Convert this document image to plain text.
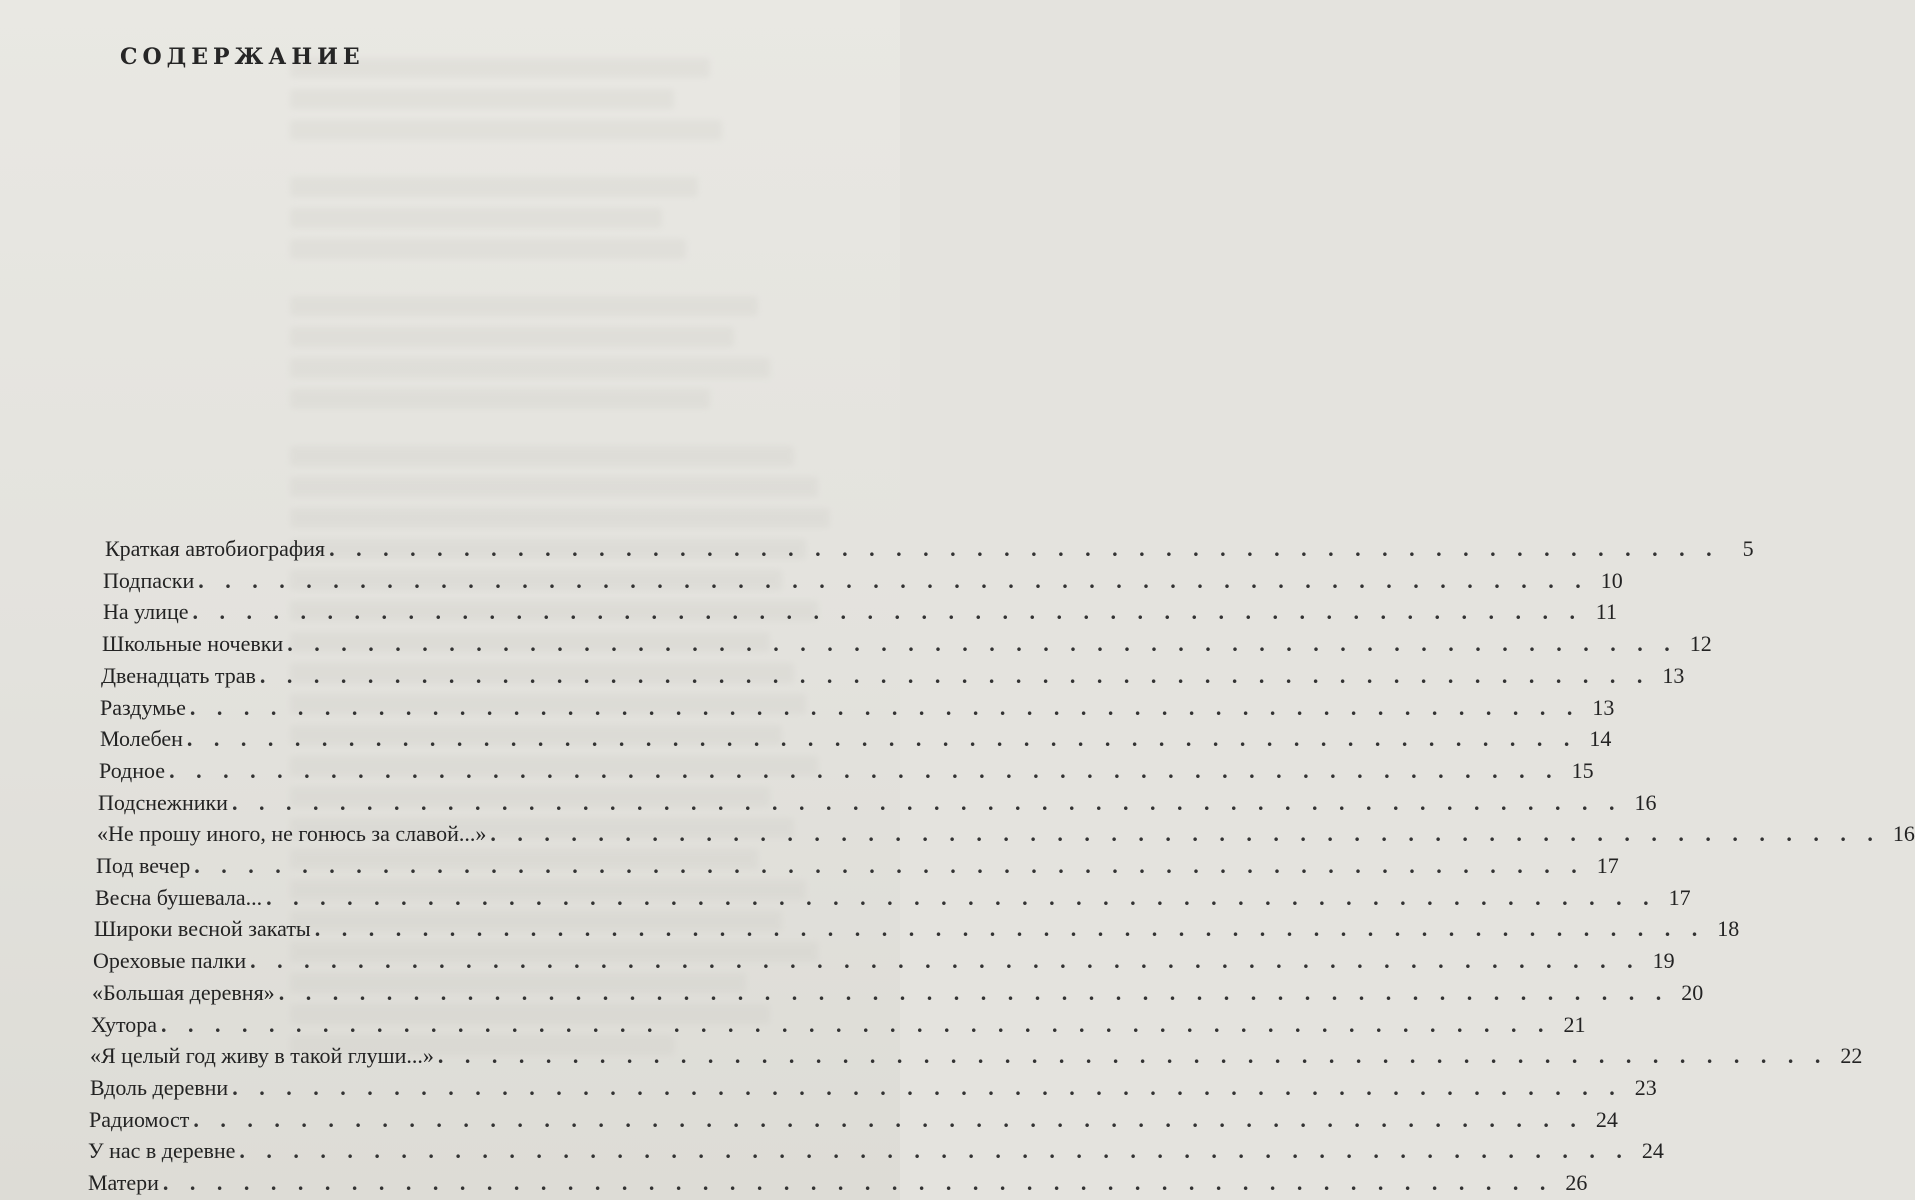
СОДЕРЖАНИЕ
Краткая автобиография . . . . . . . . . . . . . . . . . . . . . . . . . . . . . . . . . . . . . . . . . . . . . . . . . . . .	5
Подпаски . . . . . . . . . . . . . . . . . . . . . . . . . . . . . . . . . . . . . . . . . . . . . . . . . . . . 10
На улице . . . . . . . . . . . . . . . . . . . . . . . . . . . . . . . . . . . . . . . . . . . . . . . . . . . . 11
Школьные ночевки . . . . . . . . . . . . . . . . . . . . . . . . . . . . . . . . . . . . . . . . . . . . . . . . . . . . 12
Двенадцать трав . . . . . . . . . . . . . . . . . . . . . . . . . . . . . . . . . . . . . . . . . . . . . . . . . . . . 13
Раздумье . . . . . . . . . . . . . . . . . . . . . . . . . . . . . . . . . . . . . . . . . . . . . . . . . . . . 13
Молебен . . . . . . . . . . . . . . . . . . . . . . . . . . . . . . . . . . . . . . . . . . . . . . . . . . . . 14
Родное . . . . . . . . . . . . . . . . . . . . . . . . . . . . . . . . . . . . . . . . . . . . . . . . . . . . 15
Подснежники . . . . . . . . . . . . . . . . . . . . . . . . . . . . . . . . . . . . . . . . . . . . . . . . . . . . 16
«Не прошу иного, не гонюсь за славой...» . . . . . . . . . . . . . . . . . . . . . . . . . . . . . . . . . . . . . . . . . . . . . . . . . . . . 16
Под вечер . . . . . . . . . . . . . . . . . . . . . . . . . . . . . . . . . . . . . . . . . . . . . . . . . . . . 17
Весна бушевала... . . . . . . . . . . . . . . . . . . . . . . . . . . . . . . . . . . . . . . . . . . . . . . . . . . . . 17
Широки весной закаты . . . . . . . . . . . . . . . . . . . . . . . . . . . . . . . . . . . . . . . . . . . . . . . . . . . . 18
Ореховые палки . . . . . . . . . . . . . . . . . . . . . . . . . . . . . . . . . . . . . . . . . . . . . . . . . . . . 19
«Большая деревня» . . . . . . . . . . . . . . . . . . . . . . . . . . . . . . . . . . . . . . . . . . . . . . . . . . . . 20
Хутора . . . . . . . . . . . . . . . . . . . . . . . . . . . . . . . . . . . . . . . . . . . . . . . . . . . . 21
«Я целый год живу в такой глуши...» . . . . . . . . . . . . . . . . . . . . . . . . . . . . . . . . . . . . . . . . . . . . . . . . . . . . 22
Вдоль деревни . . . . . . . . . . . . . . . . . . . . . . . . . . . . . . . . . . . . . . . . . . . . . . . . . . . . 23
Радиомост . . . . . . . . . . . . . . . . . . . . . . . . . . . . . . . . . . . . . . . . . . . . . . . . . . . . 24
У нас в деревне . . . . . . . . . . . . . . . . . . . . . . . . . . . . . . . . . . . . . . . . . . . . . . . . . . . . 24
Матери . . . . . . . . . . . . . . . . . . . . . . . . . . . . . . . . . . . . . . . . . . . . . . . . . . . . 26
